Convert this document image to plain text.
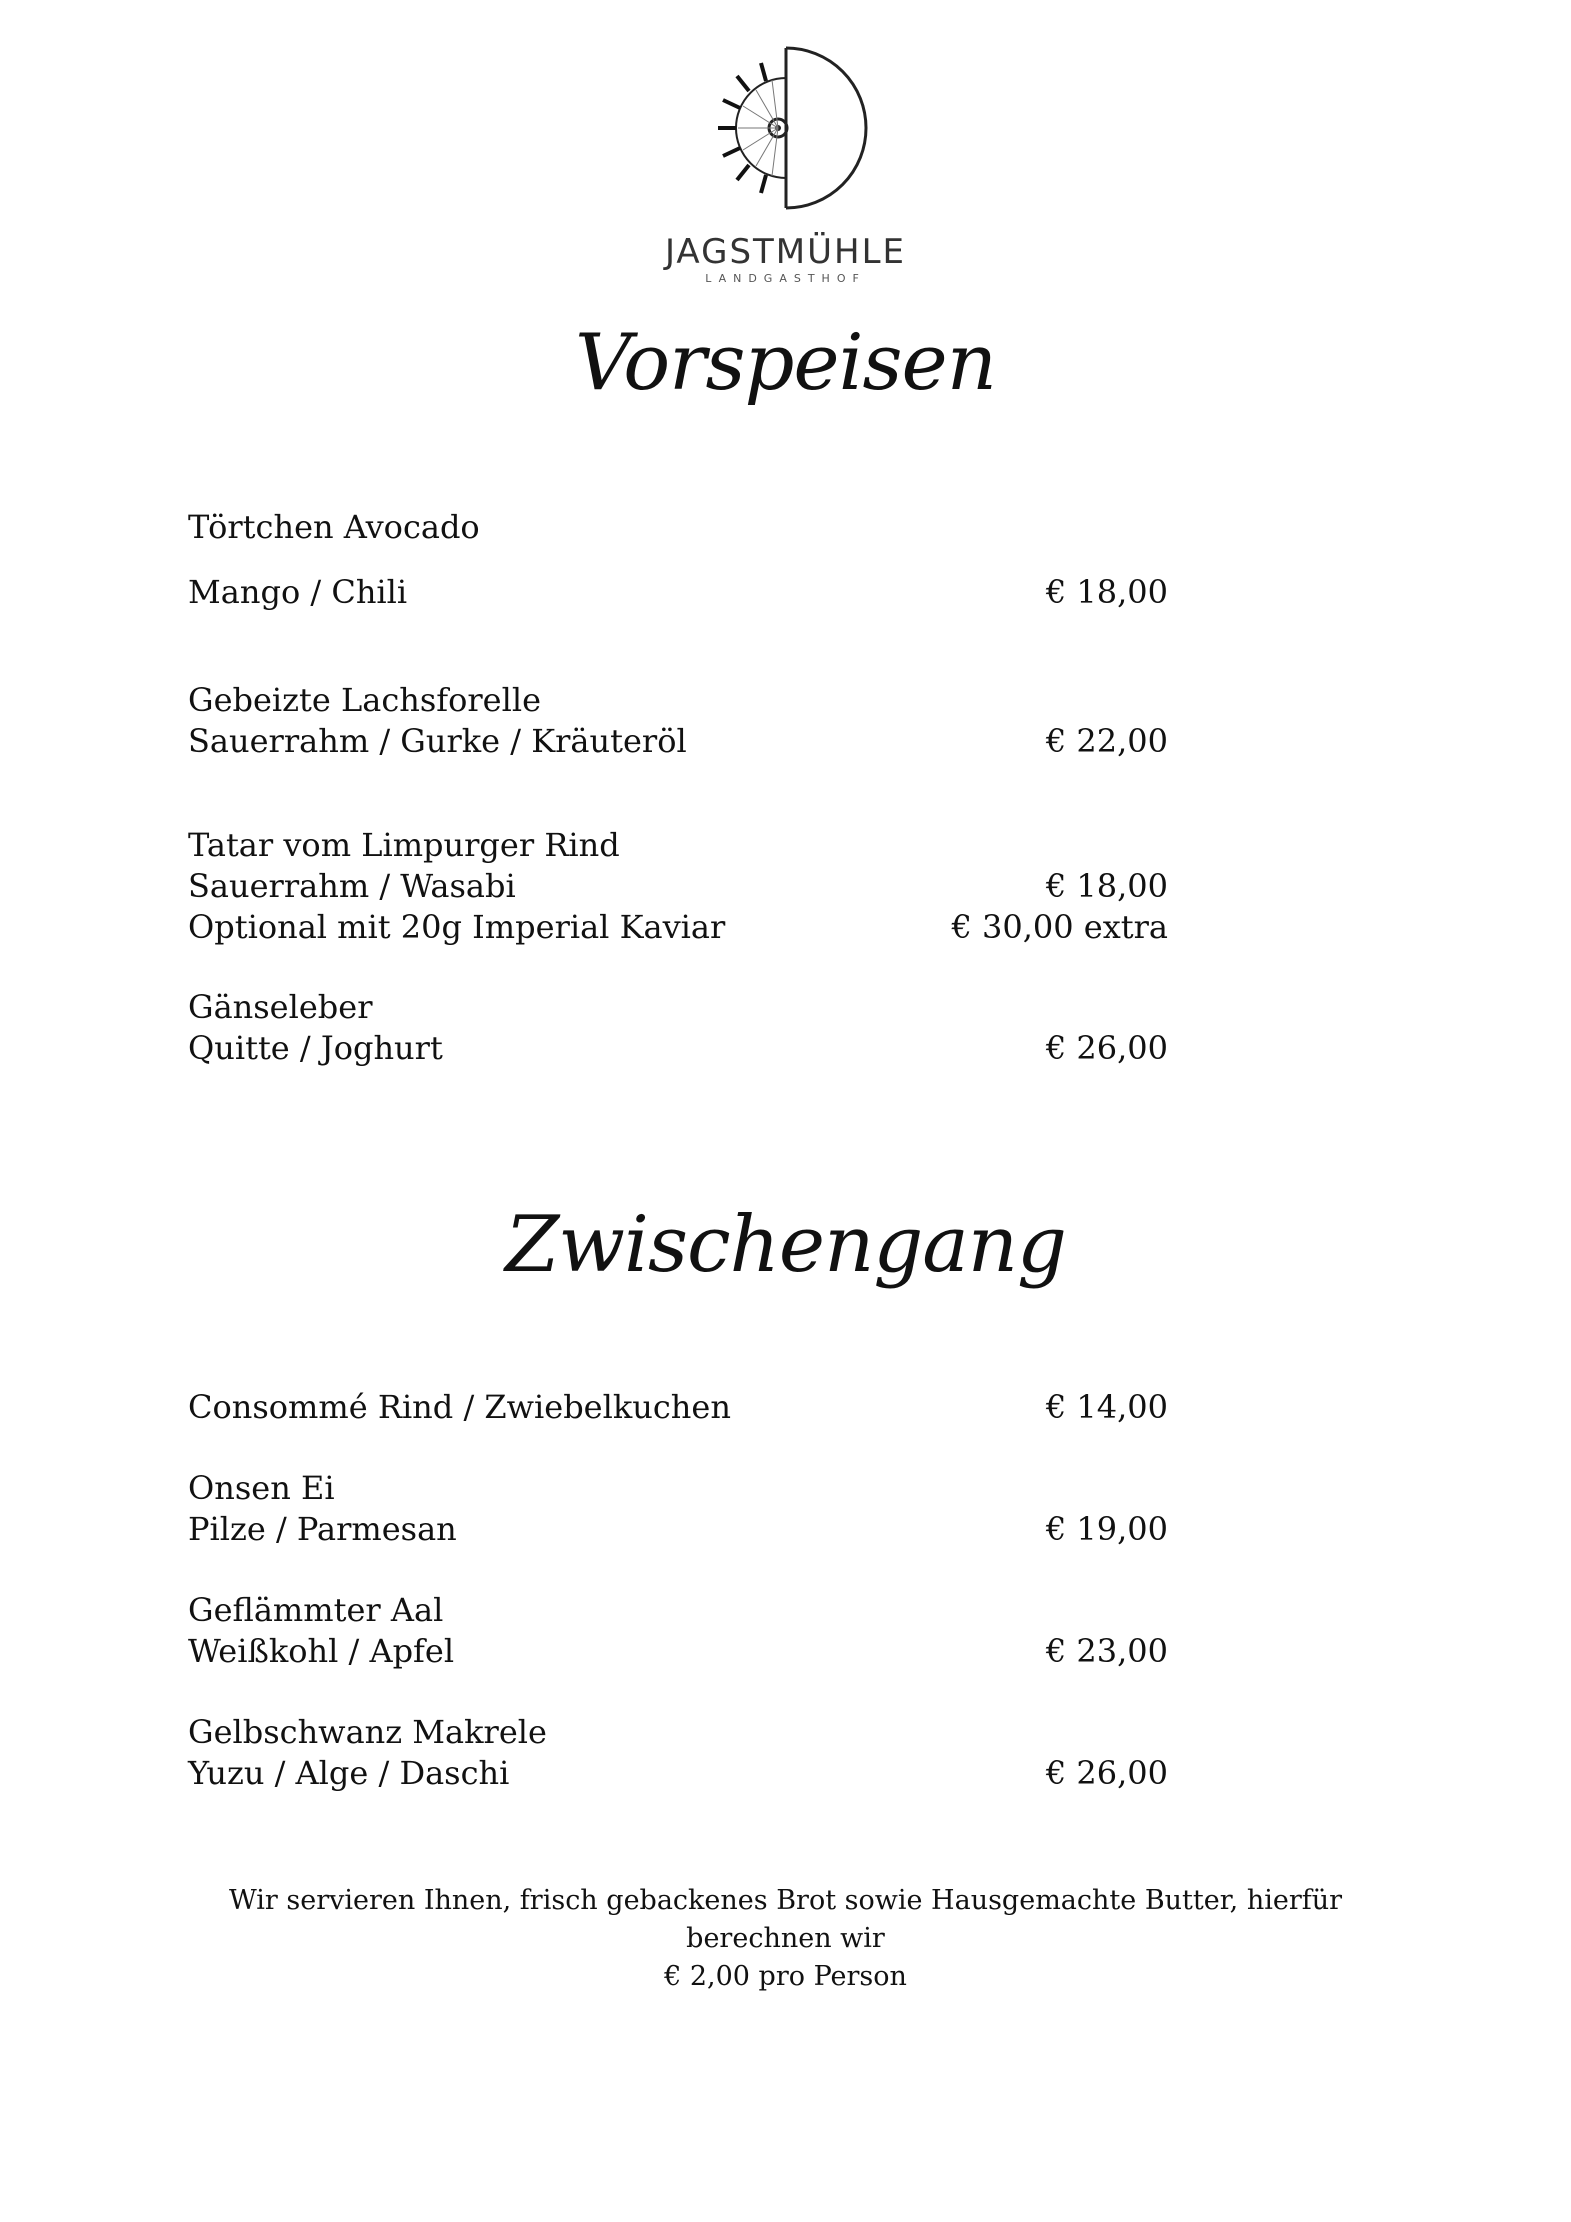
JAGSTMÜHLE
LANDGASTHOF
Vorspeisen
Törtchen Avocado
Mango / Chili	€ 18,00
Gebeizte Lachsforelle
Sauerrahm / Gurke / Kräuteröl	€ 22,00
Tatar vom Limpurger Rind
Sauerrahm / Wasabi	€ 18,00
Optional mit 20g Imperial Kaviar	€ 30,00 extra
Gänseleber
Quitte / Joghurt	€ 26,00
Zwischengang
Consommé Rind / Zwiebelkuchen	€ 14,00
Onsen Ei
Pilze / Parmesan	€ 19,00
Geflämmter Aal
Weißkohl / Apfel	€ 23,00
Gelbschwanz Makrele
Yuzu / Alge / Daschi	€ 26,00
Wir servieren Ihnen, frisch gebackenes Brot sowie Hausgemachte Butter, hierfür berechnen wir
€ 2,00 pro Person
